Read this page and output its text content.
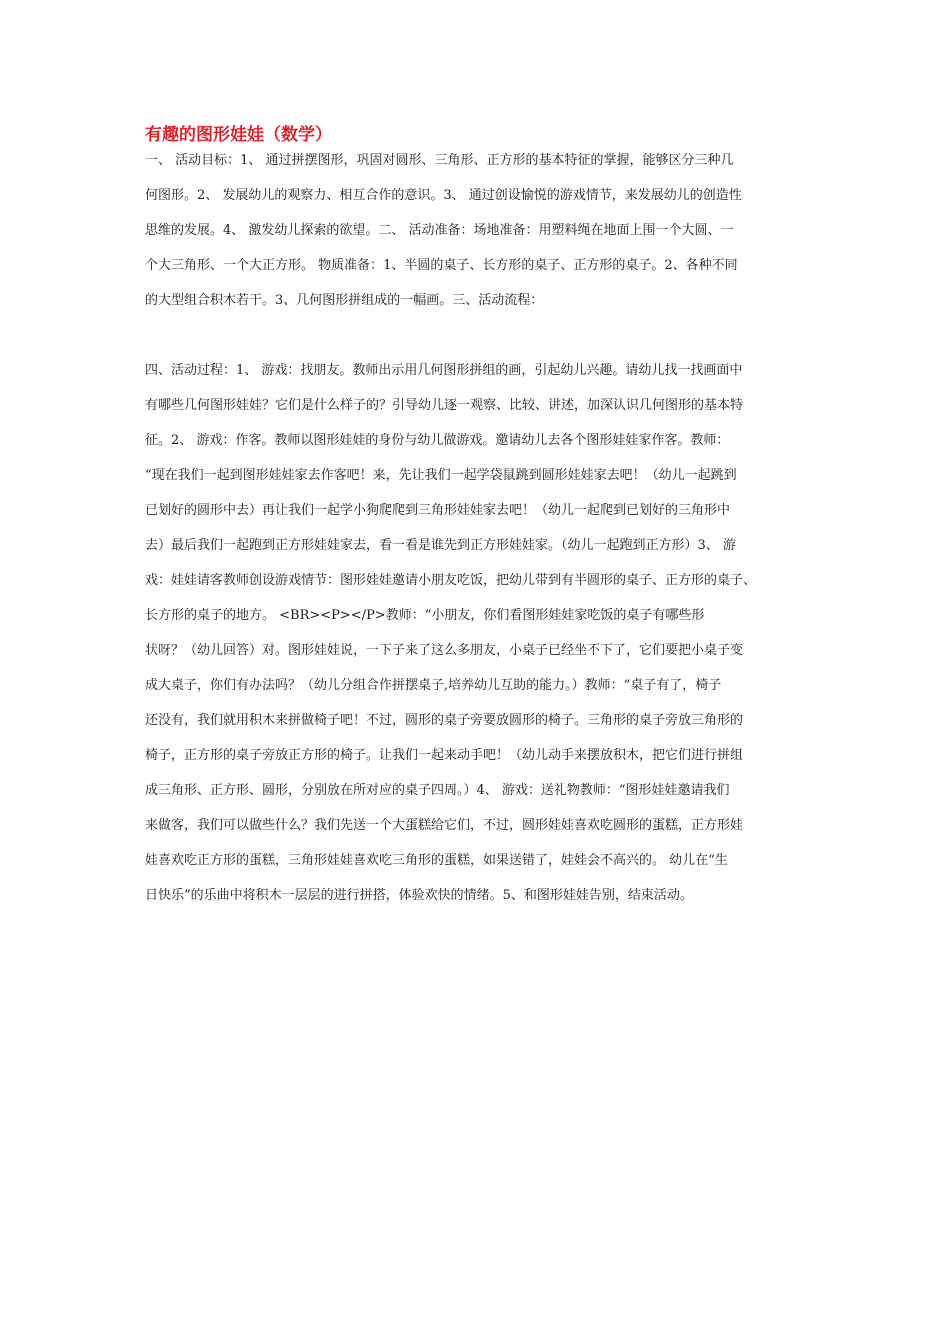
有趣的图形娃娃（数学）
一、 活动目标：1、 通过拼摆图形，巩固对圆形、三角形、正方形的基本特征的掌握，能够区分三种几
何图形。2、 发展幼儿的观察力、相互合作的意识。3、 通过创设愉悦的游戏情节，来发展幼儿的创造性
思维的发展。4、 激发幼儿探索的欲望。二、 活动准备：场地准备：用塑料绳在地面上围一个大圆、一
个大三角形、一个大正方形。 物质准备：1、半圆的桌子、长方形的桌子、正方形的桌子。2、各种不同
的大型组合积木若干。3、几何图形拼组成的一幅画。三、活动流程：
四、活动过程：1、 游戏：找朋友。教师出示用几何图形拼组的画，引起幼儿兴趣。请幼儿找一找画面中
有哪些几何图形娃娃？它们是什么样子的？引导幼儿逐一观察、比较、讲述，加深认识几何图形的基本特
征。2、 游戏：作客。教师以图形娃娃的身份与幼儿做游戏。邀请幼儿去各个图形娃娃家作客。教师：
“现在我们一起到图形娃娃家去作客吧！来，先让我们一起学袋鼠跳到圆形娃娃家去吧！（幼儿一起跳到
已划好的圆形中去）再让我们一起学小狗爬爬到三角形娃娃家去吧！（幼儿一起爬到已划好的三角形中
去）最后我们一起跑到正方形娃娃家去，看一看是谁先到正方形娃娃家。（幼儿一起跑到正方形）3、 游
戏：娃娃请客教师创设游戏情节：图形娃娃邀请小朋友吃饭，把幼儿带到有半圆形的桌子、正方形的桌子、
长方形的桌子的地方。 <BR><P></P>教师：“小朋友，你们看图形娃娃家吃饭的桌子有哪些形
状呀？（幼儿回答）对。图形娃娃说，一下子来了这么多朋友，小桌子已经坐不下了，它们要把小桌子变
成大桌子，你们有办法吗？（幼儿分组合作拼摆桌子,培养幼儿互助的能力。）教师：“桌子有了，椅子
还没有，我们就用积木来拼做椅子吧！不过，圆形的桌子旁要放圆形的椅子。三角形的桌子旁放三角形的
椅子，正方形的桌子旁放正方形的椅子。让我们一起来动手吧！（幼儿动手来摆放积木，把它们进行拼组
成三角形、正方形、圆形，分别放在所对应的桌子四周。）4、 游戏：送礼物教师：“图形娃娃邀请我们
来做客，我们可以做些什么？我们先送一个大蛋糕给它们，不过，圆形娃娃喜欢吃圆形的蛋糕，正方形娃
娃喜欢吃正方形的蛋糕，三角形娃娃喜欢吃三角形的蛋糕，如果送错了，娃娃会不高兴的。 幼儿在“生
日快乐”的乐曲中将积木一层层的进行拼搭，体验欢快的情绪。5、和图形娃娃告别，结束活动。
